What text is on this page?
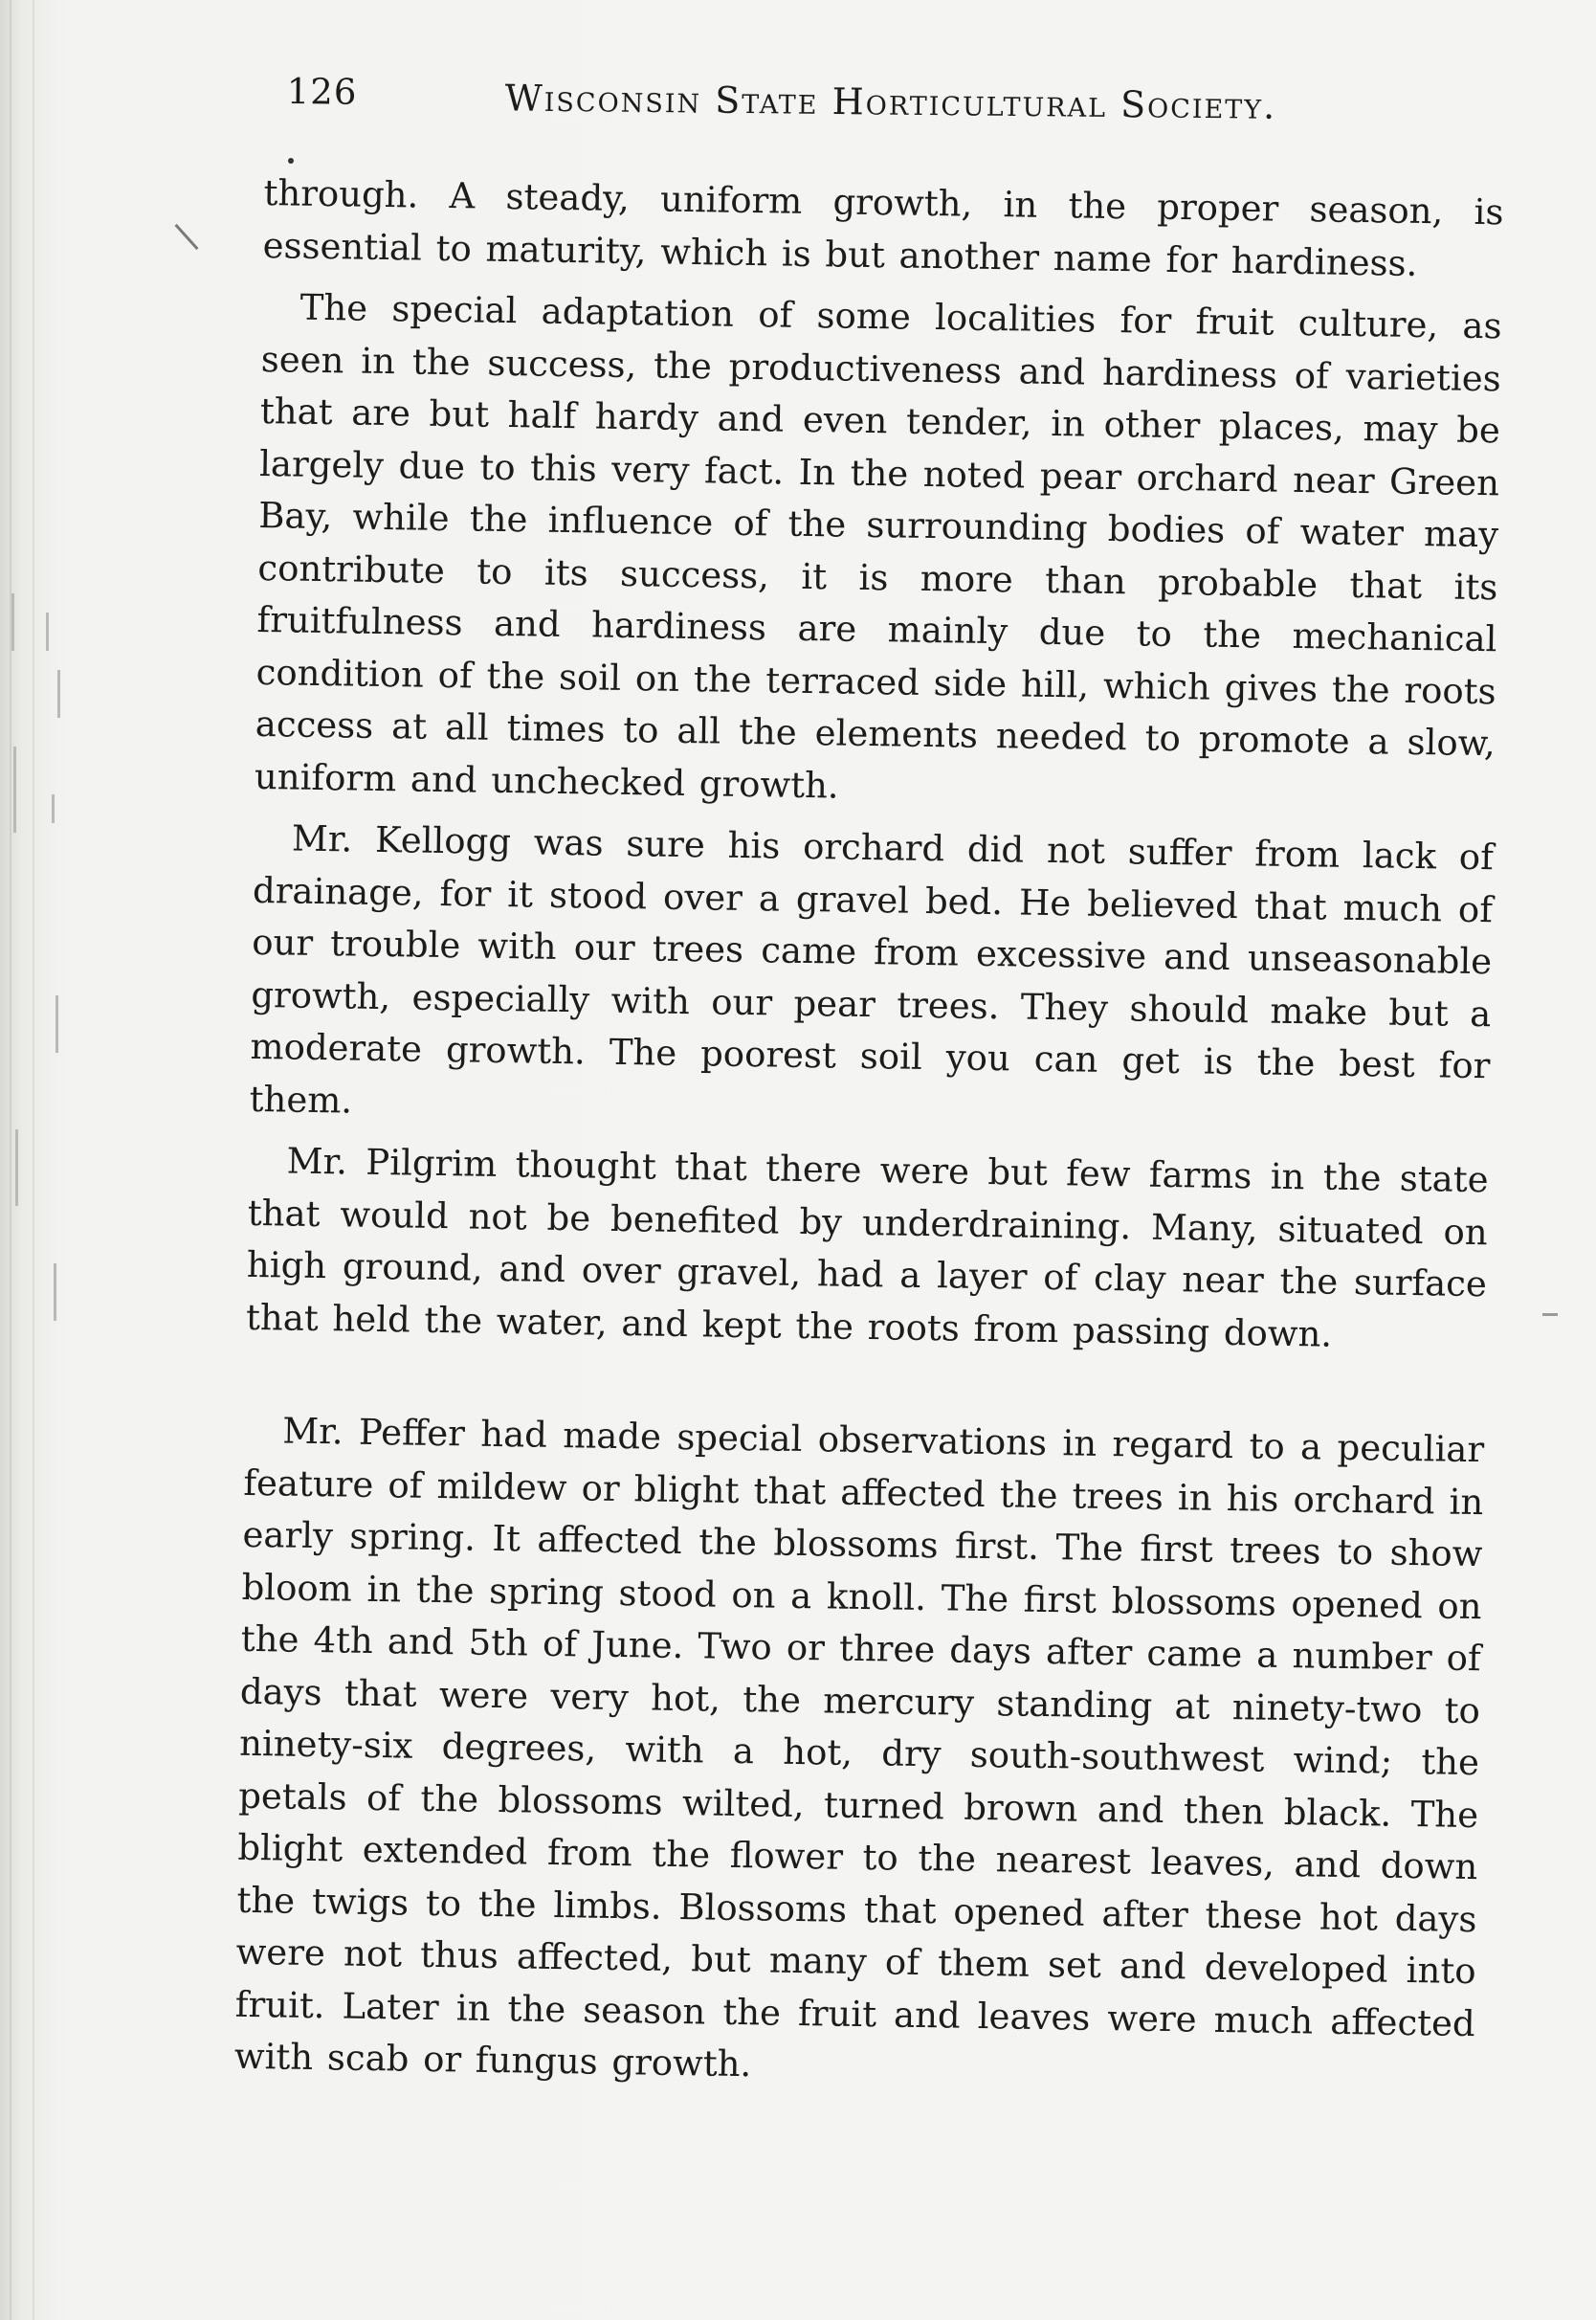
126	Wisconsin State Horticultural Society.

through. A steady, uniform growth, in the proper season, is essential to maturity, which is but another name for hardiness.

The special adaptation of some localities for fruit culture, as seen in the success, the productiveness and hardiness of varieties that are but half hardy and even tender, in other places, may be largely due to this very fact. In the noted pear orchard near Green Bay, while the influence of the surrounding bodies of water may contribute to its success, it is more than probable that its fruitfulness and hardiness are mainly due to the mechanical condition of the soil on the terraced side hill, which gives the roots access at all times to all the elements needed to promote a slow, uniform and unchecked growth.

Mr. Kellogg was sure his orchard did not suffer from lack of drainage, for it stood over a gravel bed. He believed that much of our trouble with our trees came from excessive and unseasonable growth, especially with our pear trees. They should make but a moderate growth. The poorest soil you can get is the best for them.

Mr. Pilgrim thought that there were but few farms in the state that would not be benefited by underdraining. Many, situated on high ground, and over gravel, had a layer of clay near the surface that held the water, and kept the roots from passing down.

Mr. Peffer had made special observations in regard to a peculiar feature of mildew or blight that affected the trees in his orchard in early spring. It affected the blossoms first. The first trees to show bloom in the spring stood on a knoll. The first blossoms opened on the 4th and 5th of June. Two or three days after came a number of days that were very hot, the mercury standing at ninety-two to ninety-six degrees, with a hot, dry south-southwest wind; the petals of the blossoms wilted, turned brown and then black. The blight extended from the flower to the nearest leaves, and down the twigs to the limbs. Blossoms that opened after these hot days were not thus affected, but many of them set and developed into fruit. Later in the season the fruit and leaves were much affected with scab or fungus growth.
